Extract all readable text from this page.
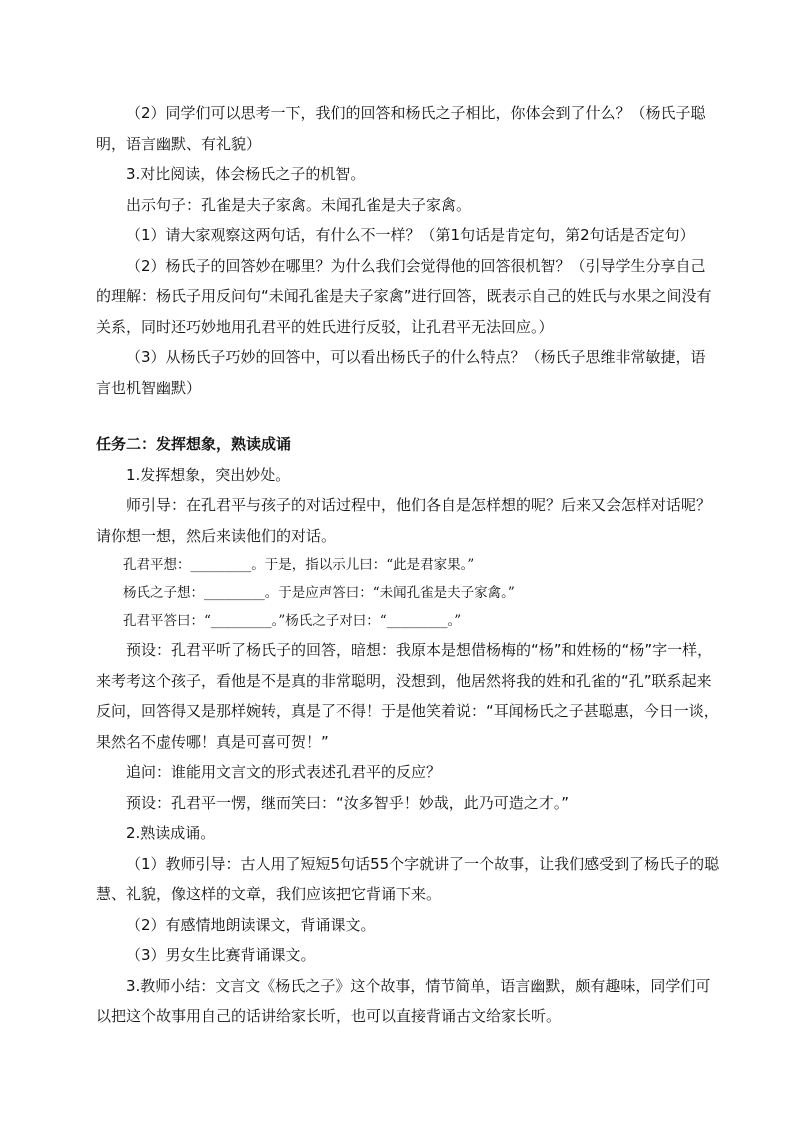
（2）同学们可以思考一下，我们的回答和杨氏之子相比，你体会到了什么？（杨氏子聪明，语言幽默、有礼貌）

3.对比阅读，体会杨氏之子的机智。

出示句子：孔雀是夫子家禽。未闻孔雀是夫子家禽。

（1）请大家观察这两句话，有什么不一样？（第1句话是肯定句，第2句话是否定句）

（2）杨氏子的回答妙在哪里？为什么我们会觉得他的回答很机智？（引导学生分享自己的理解：杨氏子用反问句“未闻孔雀是夫子家禽”进行回答，既表示自己的姓氏与水果之间没有关系，同时还巧妙地用孔君平的姓氏进行反驳，让孔君平无法回应。）

（3）从杨氏子巧妙的回答中，可以看出杨氏子的什么特点？（杨氏子思维非常敏捷，语言也机智幽默）

任务二：发挥想象，熟读成诵

1.发挥想象，突出妙处。

师引导：在孔君平与孩子的对话过程中，他们各自是怎样想的呢？后来又会怎样对话呢？请你想一想，然后来读他们的对话。

孔君平想：_________。于是，指以示儿曰：“此是君家果。”

杨氏之子想：_________。于是应声答曰：“未闻孔雀是夫子家禽。”

孔君平答曰：“_________。”杨氏之子对曰：“_________。”

预设：孔君平听了杨氏子的回答，暗想：我原本是想借杨梅的“杨”和姓杨的“杨”字一样，来考考这个孩子，看他是不是真的非常聪明，没想到，他居然将我的姓和孔雀的“孔”联系起来反问，回答得又是那样婉转，真是了不得！于是他笑着说：“耳闻杨氏之子甚聪惠，今日一谈，果然名不虚传哪！真是可喜可贺！”

追问：谁能用文言文的形式表述孔君平的反应？

预设：孔君平一愣，继而笑曰：“汝多智乎！妙哉，此乃可造之才。”

2.熟读成诵。

（1）教师引导：古人用了短短5句话55个字就讲了一个故事，让我们感受到了杨氏子的聪慧、礼貌，像这样的文章，我们应该把它背诵下来。

（2）有感情地朗读课文，背诵课文。

（3）男女生比赛背诵课文。

3.教师小结：文言文《杨氏之子》这个故事，情节简单，语言幽默，颇有趣味，同学们可以把这个故事用自己的话讲给家长听，也可以直接背诵古文给家长听。
